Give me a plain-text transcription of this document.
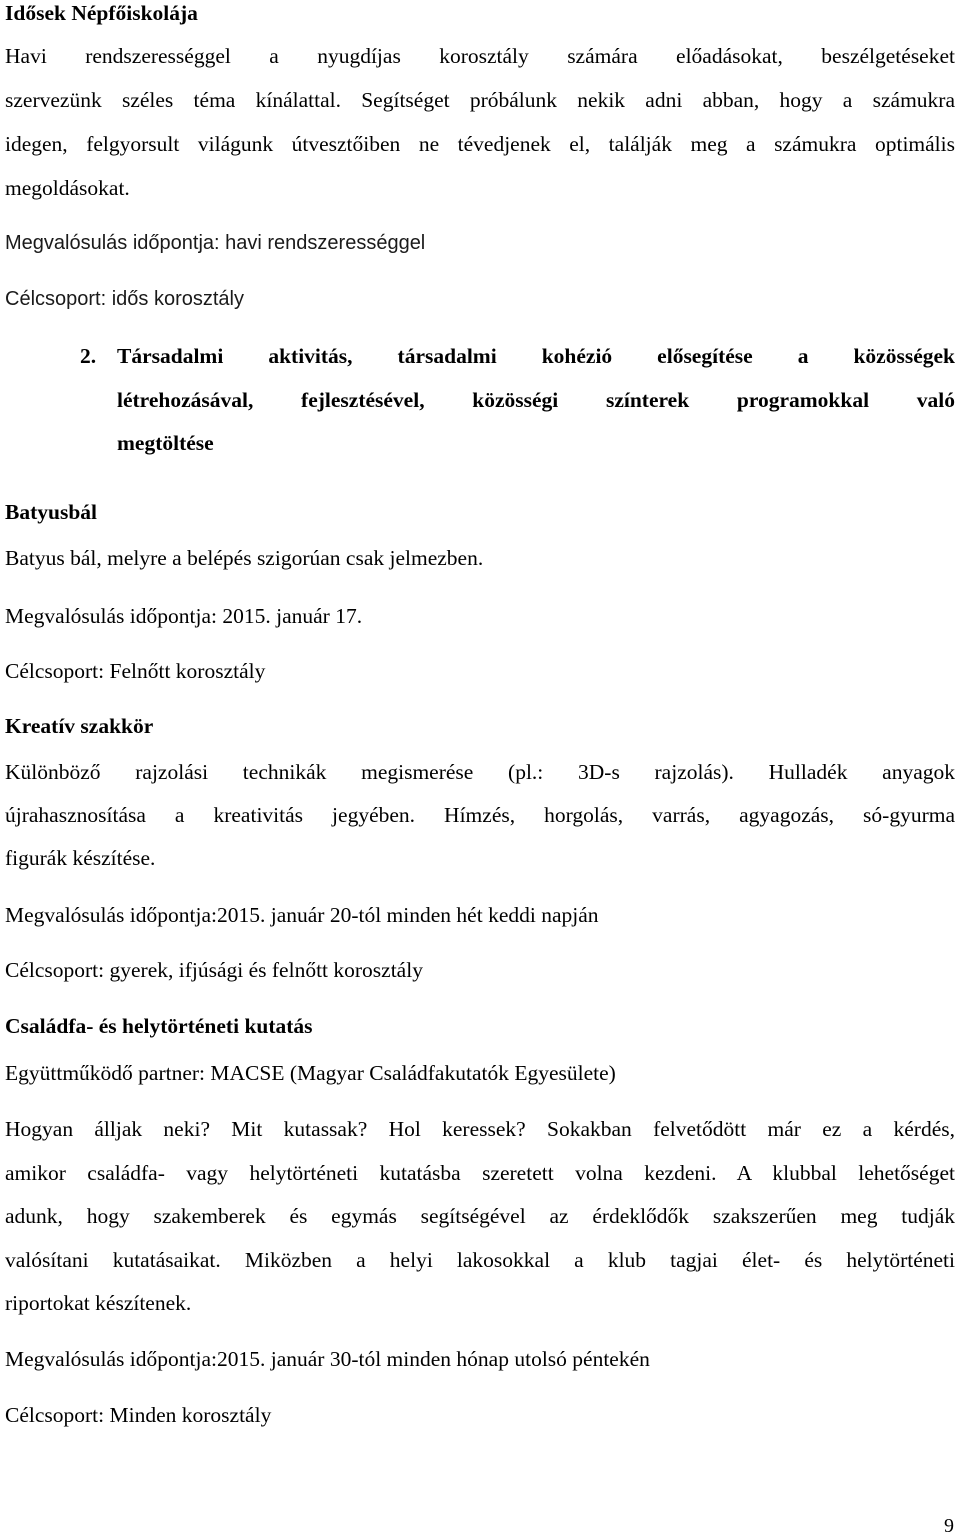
Idősek Népfőiskolája
Havi rendszerességgel a nyugdíjas korosztály számára előadásokat, beszélgetéseket
szervezünk széles téma kínálattal. Segítséget próbálunk nekik adni abban, hogy a számukra
idegen, felgyorsult világunk útvesztőiben ne tévedjenek el, találják meg a számukra optimális
megoldásokat.
Megvalósulás időpontja: havi rendszerességgel
Célcsoport: idős korosztály
2. Társadalmi aktivitás, társadalmi kohézió elősegítése a közösségek
létrehozásával, fejlesztésével, közösségi színterek programokkal való
megtöltése
Batyusbál
Batyus bál, melyre a belépés szigorúan csak jelmezben.
Megvalósulás időpontja: 2015. január 17.
Célcsoport: Felnőtt korosztály
Kreatív szakkör
Különböző rajzolási technikák megismerése (pl.: 3D-s rajzolás). Hulladék anyagok
újrahasznosítása a kreativitás jegyében. Hímzés, horgolás, varrás, agyagozás, só-gyurma
figurák készítése.
Megvalósulás időpontja:2015. január 20-tól minden hét keddi napján
Célcsoport: gyerek, ifjúsági és felnőtt korosztály
Családfa- és helytörténeti kutatás
Együttműködő partner: MACSE (Magyar Családfakutatók Egyesülete)
Hogyan álljak neki? Mit kutassak? Hol keressek? Sokakban felvetődött már ez a kérdés,
amikor családfa- vagy helytörténeti kutatásba szeretett volna kezdeni. A klubbal lehetőséget
adunk, hogy szakemberek és egymás segítségével az érdeklődők szakszerűen meg tudják
valósítani kutatásaikat. Miközben a helyi lakosokkal a klub tagjai élet- és helytörténeti
riportokat készítenek.
Megvalósulás időpontja:2015. január 30-tól minden hónap utolsó péntekén
Célcsoport: Minden korosztály
9
